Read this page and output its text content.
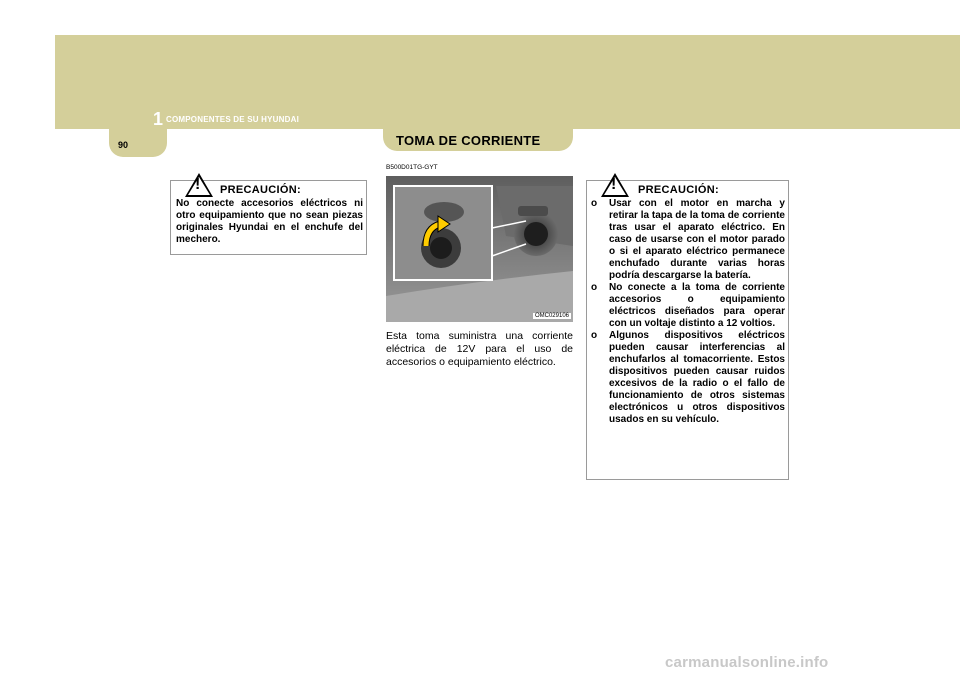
1 COMPONENTES DE SU HYUNDAI
90	TOMA DE CORRIENTE
! PRECAUCIÓN:
No conecte accesorios eléctricos ni otro equipamiento que no sean piezas originales Hyundai en el enchufe del mechero.
B500D01TG-GYT
OMC029106
Esta toma suministra una corriente eléctrica de 12V para el uso de accesorios o equipamiento eléctrico.
! PRECAUCIÓN:
o Usar con el motor en marcha y retirar la tapa de la toma de corriente tras usar el aparato eléctrico. En caso de usarse con el motor parado o si el aparato eléctrico permanece enchufado durante varias horas podría descargarse la batería.
o No conecte a la toma de corriente accesorios o equipamiento eléctricos diseñados para operar con un voltaje distinto a 12 voltios.
o Algunos dispositivos eléctricos pueden causar interferencias al enchufarlos al tomacorriente. Estos dispositivos pueden causar ruidos excesivos de la radio o el fallo de funcionamiento de otros sistemas electrónicos u otros dispositivos usados en su vehículo.
carmanualsonline.info
